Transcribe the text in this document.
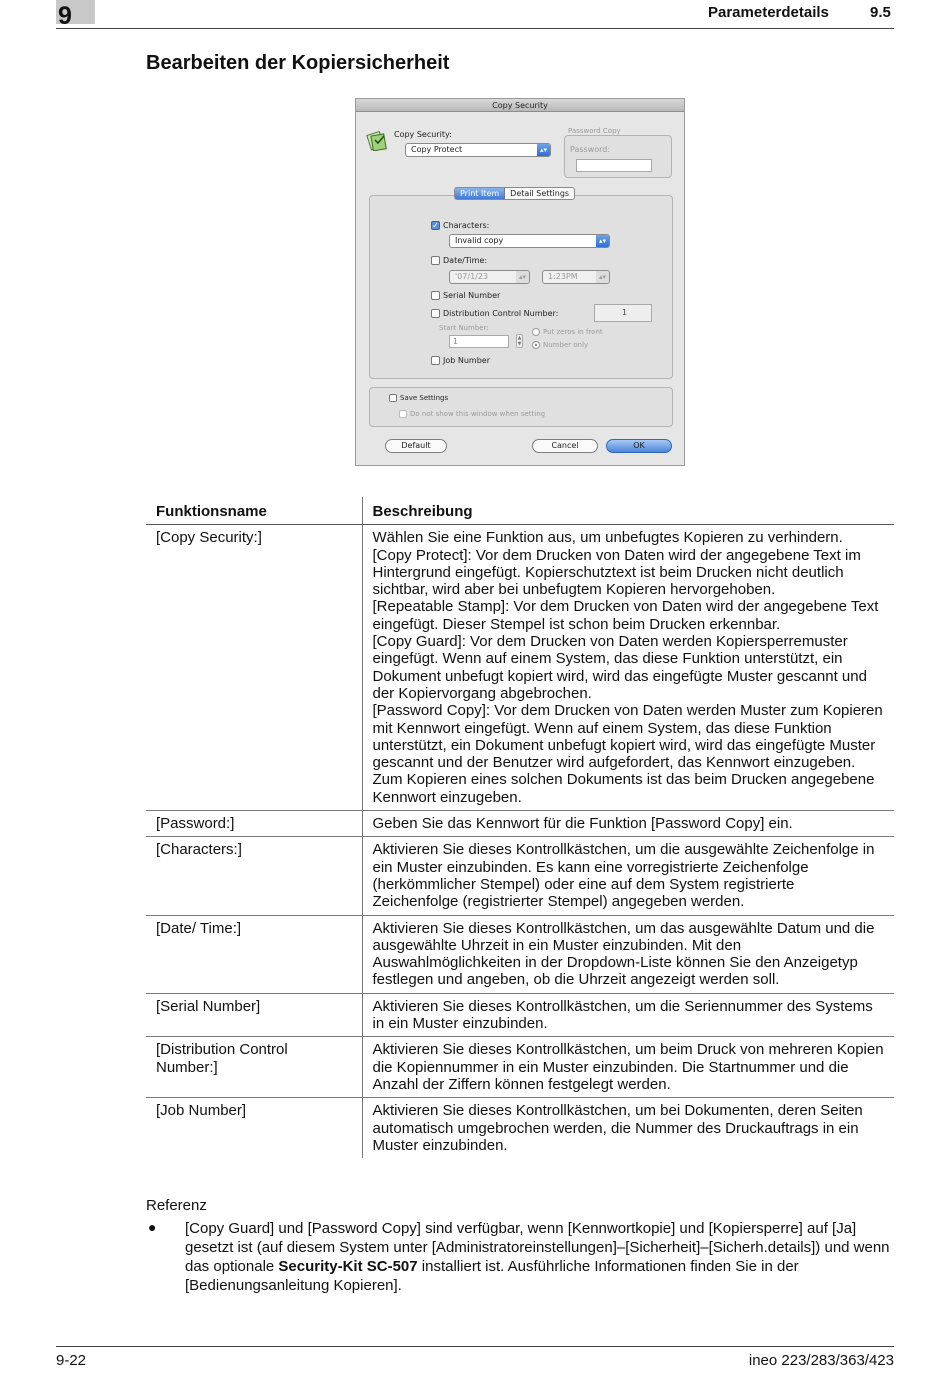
9	Parameterdetails	9.5
Bearbeiten der Kopiersicherheit
Copy Security
Copy Security:
Copy Protect	▴▾
Password Copy
Password:
Print Item	Detail Settings
✓ Characters:
Invalid copy	▴▾
Date/Time:
'07/1/23	▴▾	1:23PM	▴▾
Serial Number
Distribution Control Number:	1
Start Number:
1	▲
▼
Put zeros in front
Number only
Job Number
Save Settings
Do not show this window when setting
Default	Cancel	OK
Funktionsname	Beschreibung
[Copy Security:]	Wählen Sie eine Funktion aus, um unbefugtes Kopieren zu verhindern.

[Copy Protect]: Vor dem Drucken von Daten wird der angegebene Text im Hintergrund eingefügt. Kopierschutztext ist beim Drucken nicht deutlich sichtbar, wird aber bei unbefugtem Kopieren hervorgehoben.

[Repeatable Stamp]: Vor dem Drucken von Daten wird der angegebene Text eingefügt. Dieser Stempel ist schon beim Drucken erkennbar.

[Copy Guard]: Vor dem Drucken von Daten werden Kopiersperremuster eingefügt. Wenn auf einem System, das diese Funktion unterstützt, ein Dokument unbefugt kopiert wird, wird das eingefügte Muster gescannt und der Kopiervorgang abgebrochen.

[Password Copy]: Vor dem Drucken von Daten werden Muster zum Kopieren mit Kennwort eingefügt. Wenn auf einem System, das diese Funktion unterstützt, ein Dokument unbefugt kopiert wird, wird das eingefügte Muster gescannt und der Benutzer wird aufgefordert, das Kennwort einzugeben. Zum Kopieren eines solchen Dokuments ist das beim Drucken angegebene Kennwort einzugeben.

[Password:]	Geben Sie das Kennwort für die Funktion [Password Copy] ein.

[Characters:]	Aktivieren Sie dieses Kontrollkästchen, um die ausgewählte Zeichenfolge in ein Muster einzubinden. Es kann eine vorregistrierte Zeichenfolge (herkömmlicher Stempel) oder eine auf dem System registrierte Zeichenfolge (registrierter Stempel) angegeben werden.

[Date/ Time:]	Aktivieren Sie dieses Kontrollkästchen, um das ausgewählte Datum und die ausgewählte Uhrzeit in ein Muster einzubinden. Mit den Auswahlmöglichkeiten in der Dropdown-Liste können Sie den Anzeigetyp festlegen und angeben, ob die Uhrzeit angezeigt werden soll.

[Serial Number]	Aktivieren Sie dieses Kontrollkästchen, um die Seriennummer des Systems in ein Muster einzubinden.

[Distribution Control Number:]	Aktivieren Sie dieses Kontrollkästchen, um beim Druck von mehreren Kopien die Kopiennummer in ein Muster einzubinden. Die Startnummer und die Anzahl der Ziffern können festgelegt werden.

[Job Number]	Aktivieren Sie dieses Kontrollkästchen, um bei Dokumenten, deren Seiten automatisch umgebrochen werden, die Nummer des Druckauftrags in ein Muster einzubinden.

Referenz
● [Copy Guard] und [Password Copy] sind verfügbar, wenn [Kennwortkopie] und [Kopiersperre] auf [Ja] gesetzt ist (auf diesem System unter [Administratoreinstellungen]–[Sicherheit]–[Sicherh.details]) und wenn das optionale Security-Kit SC-507 installiert ist. Ausführliche Informationen finden Sie in der [Bedienungsanleitung Kopieren].
9-22	ineo 223/283/363/423
